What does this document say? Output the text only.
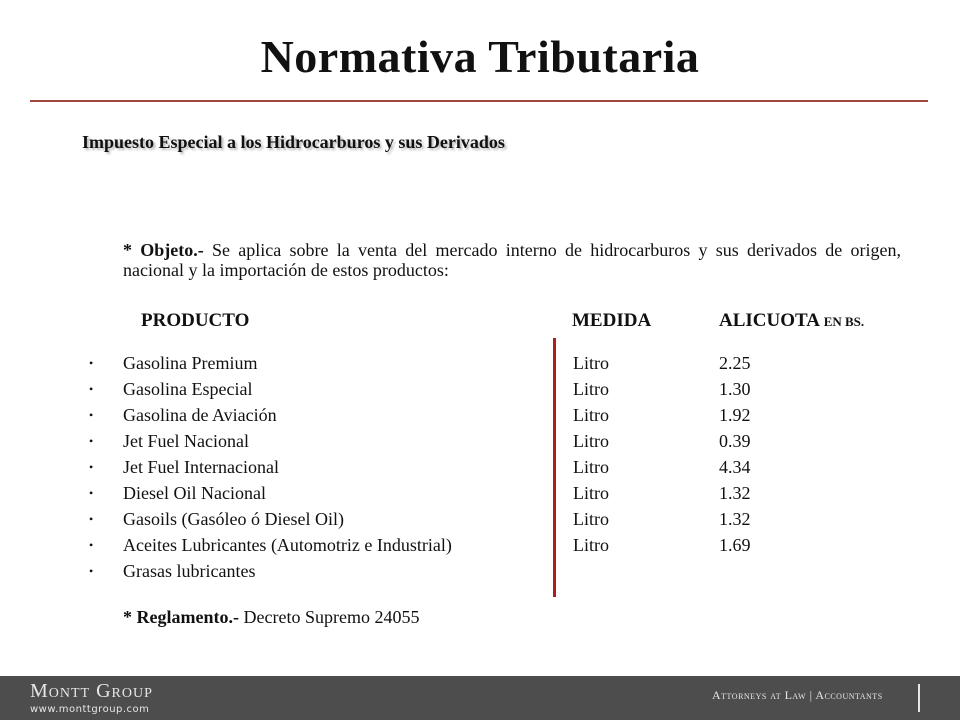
Normativa Tributaria
Impuesto Especial a los Hidrocarburos y sus Derivados
* Objeto.- Se aplica sobre la venta del mercado interno de hidrocarburos y sus derivados de origen, nacional y la importación de estos productos:
PRODUCTO	MEDIDA	ALICUOTA EN BS.
• Gasolina Premium	Litro	2.25
• Gasolina Especial	Litro	1.30
• Gasolina de Aviación	Litro	1.92
• Jet Fuel Nacional	Litro	0.39
• Jet Fuel Internacional	Litro	4.34
• Diesel Oil Nacional	Litro	1.32
• Gasoils (Gasóleo ó Diesel Oil)	Litro	1.32
• Aceites Lubricantes (Automotriz e Industrial)	Litro	1.69
• Grasas lubricantes
* Reglamento.- Decreto Supremo 24055
Montt Group
www.monttgroup.com
Attorneys at Law | Accountants
